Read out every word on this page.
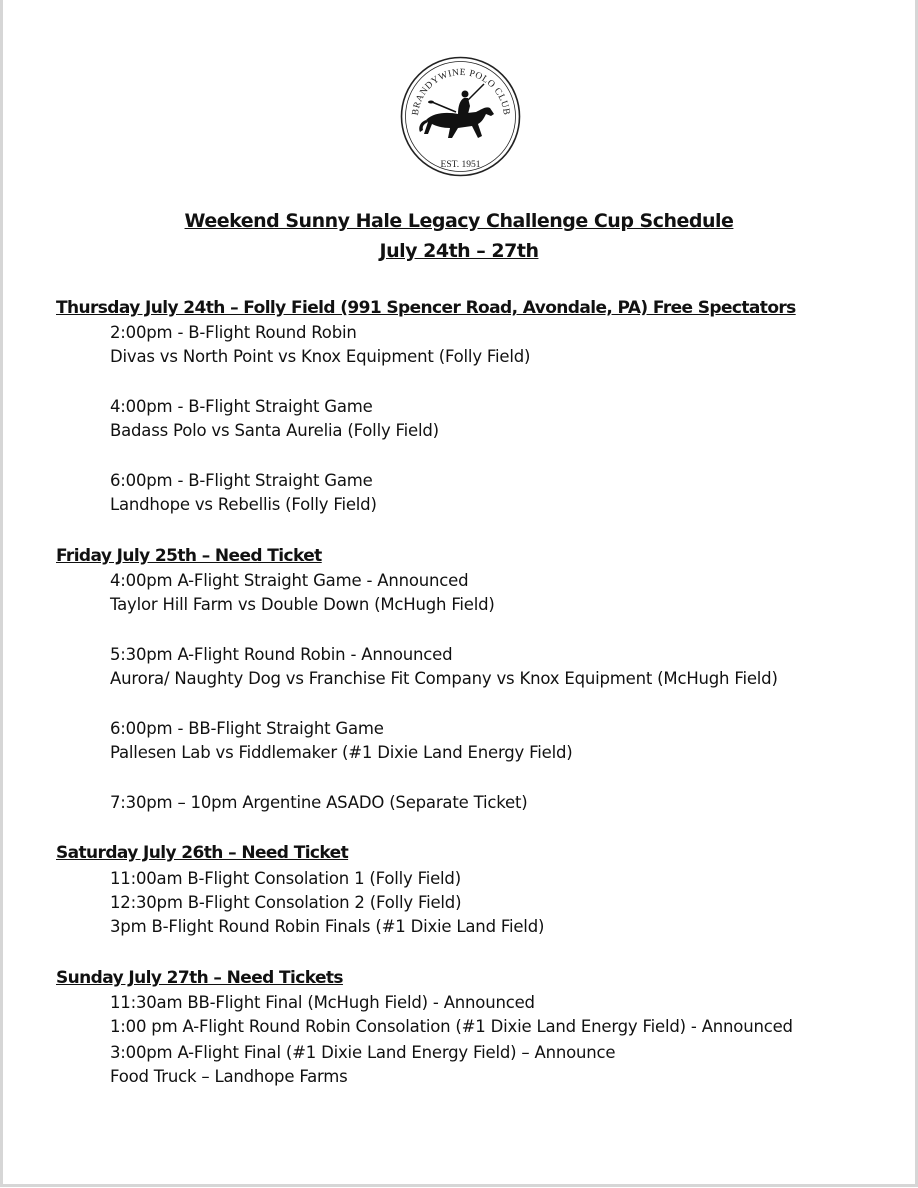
BRANDYWINE POLO CLUB
EST. 1951
Weekend Sunny Hale Legacy Challenge Cup Schedule
July 24th – 27th
Thursday July 24th – Folly Field (991 Spencer Road, Avondale, PA) Free Spectators
2:00pm - B-Flight Round Robin
Divas vs North Point vs Knox Equipment (Folly Field)
4:00pm - B-Flight Straight Game
Badass Polo vs Santa Aurelia (Folly Field)
6:00pm - B-Flight Straight Game
Landhope vs Rebellis (Folly Field)
Friday July 25th – Need Ticket
4:00pm A-Flight Straight Game - Announced
Taylor Hill Farm vs Double Down (McHugh Field)
5:30pm A-Flight Round Robin - Announced
Aurora/ Naughty Dog vs Franchise Fit Company vs Knox Equipment (McHugh Field)
6:00pm - BB-Flight Straight Game
Pallesen Lab vs Fiddlemaker (#1 Dixie Land Energy Field)
7:30pm – 10pm Argentine ASADO (Separate Ticket)
Saturday July 26th – Need Ticket
11:00am B-Flight Consolation 1 (Folly Field)
12:30pm B-Flight Consolation 2 (Folly Field)
3pm B-Flight Round Robin Finals (#1 Dixie Land Field)
Sunday July 27th – Need Tickets
11:30am BB-Flight Final (McHugh Field) - Announced
1:00 pm A-Flight Round Robin Consolation (#1 Dixie Land Energy Field) - Announced
3:00pm A-Flight Final (#1 Dixie Land Energy Field) – Announce
Food Truck – Landhope Farms
